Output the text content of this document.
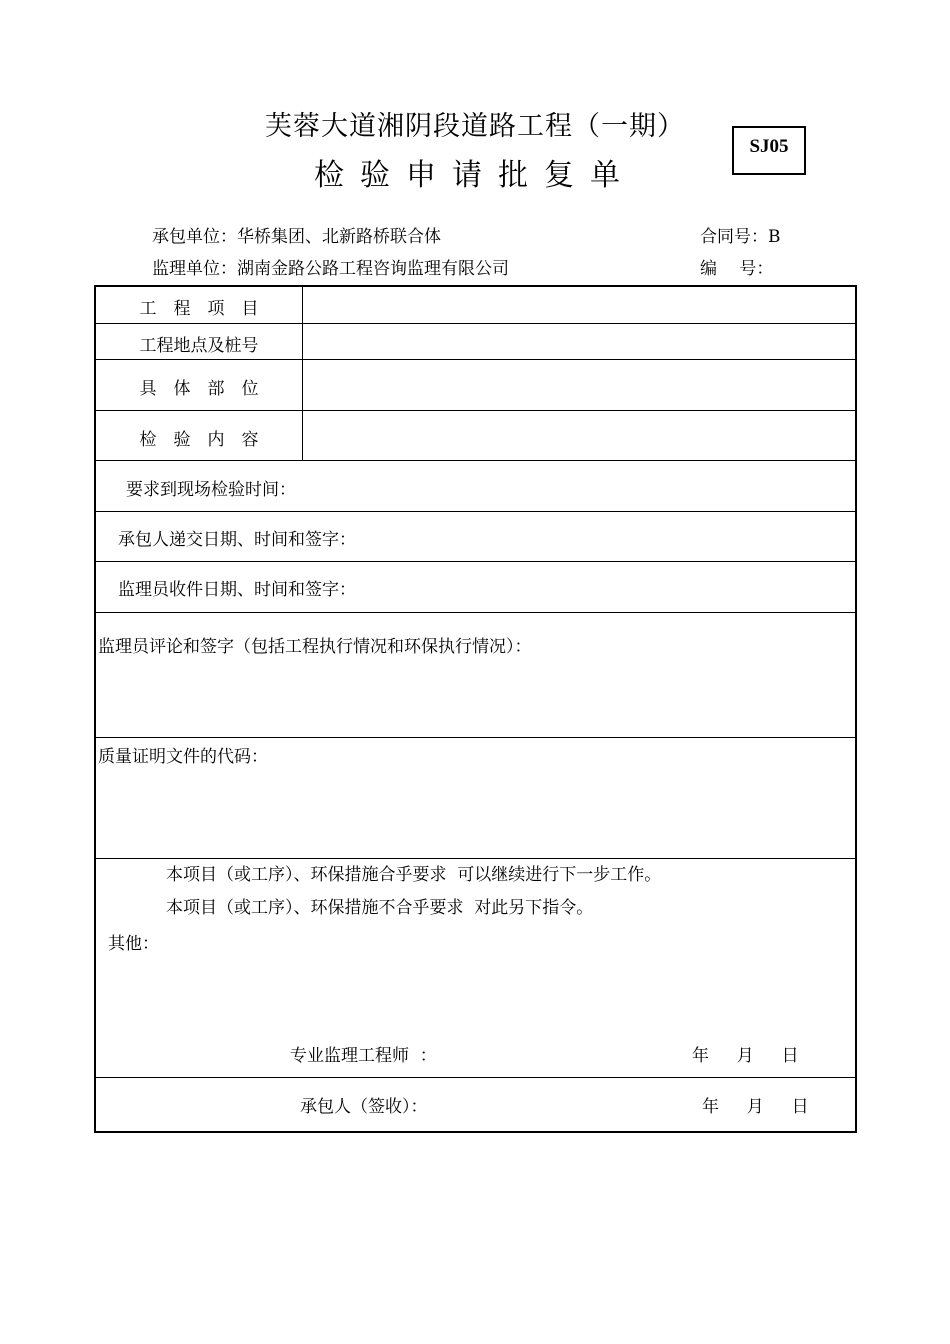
芙蓉大道湘阴段道路工程（一期）
检验申请批复单
SJ05
承包单位：华桥集团、北新路桥联合体	合同号：B
监理单位：湖南金路公路工程咨询监理有限公司	编　 号：
工　程　项　目
工程地点及桩号
具　体　部　位
检　验　内　容
要求到现场检验时间：
承包人递交日期、时间和签字：
监理员收件日期、时间和签字：
监理员评论和签字（包括工程执行情况和环保执行情况）：
质量证明文件的代码：
本项目（或工序）、环保措施合乎要求  可以继续进行下一步工作。
本项目（或工序）、环保措施不合乎要求  对此另下指令。
其他：
专业监理工程师  ：	年　  月　  日
承包人（签收）：	年　  月　  日
